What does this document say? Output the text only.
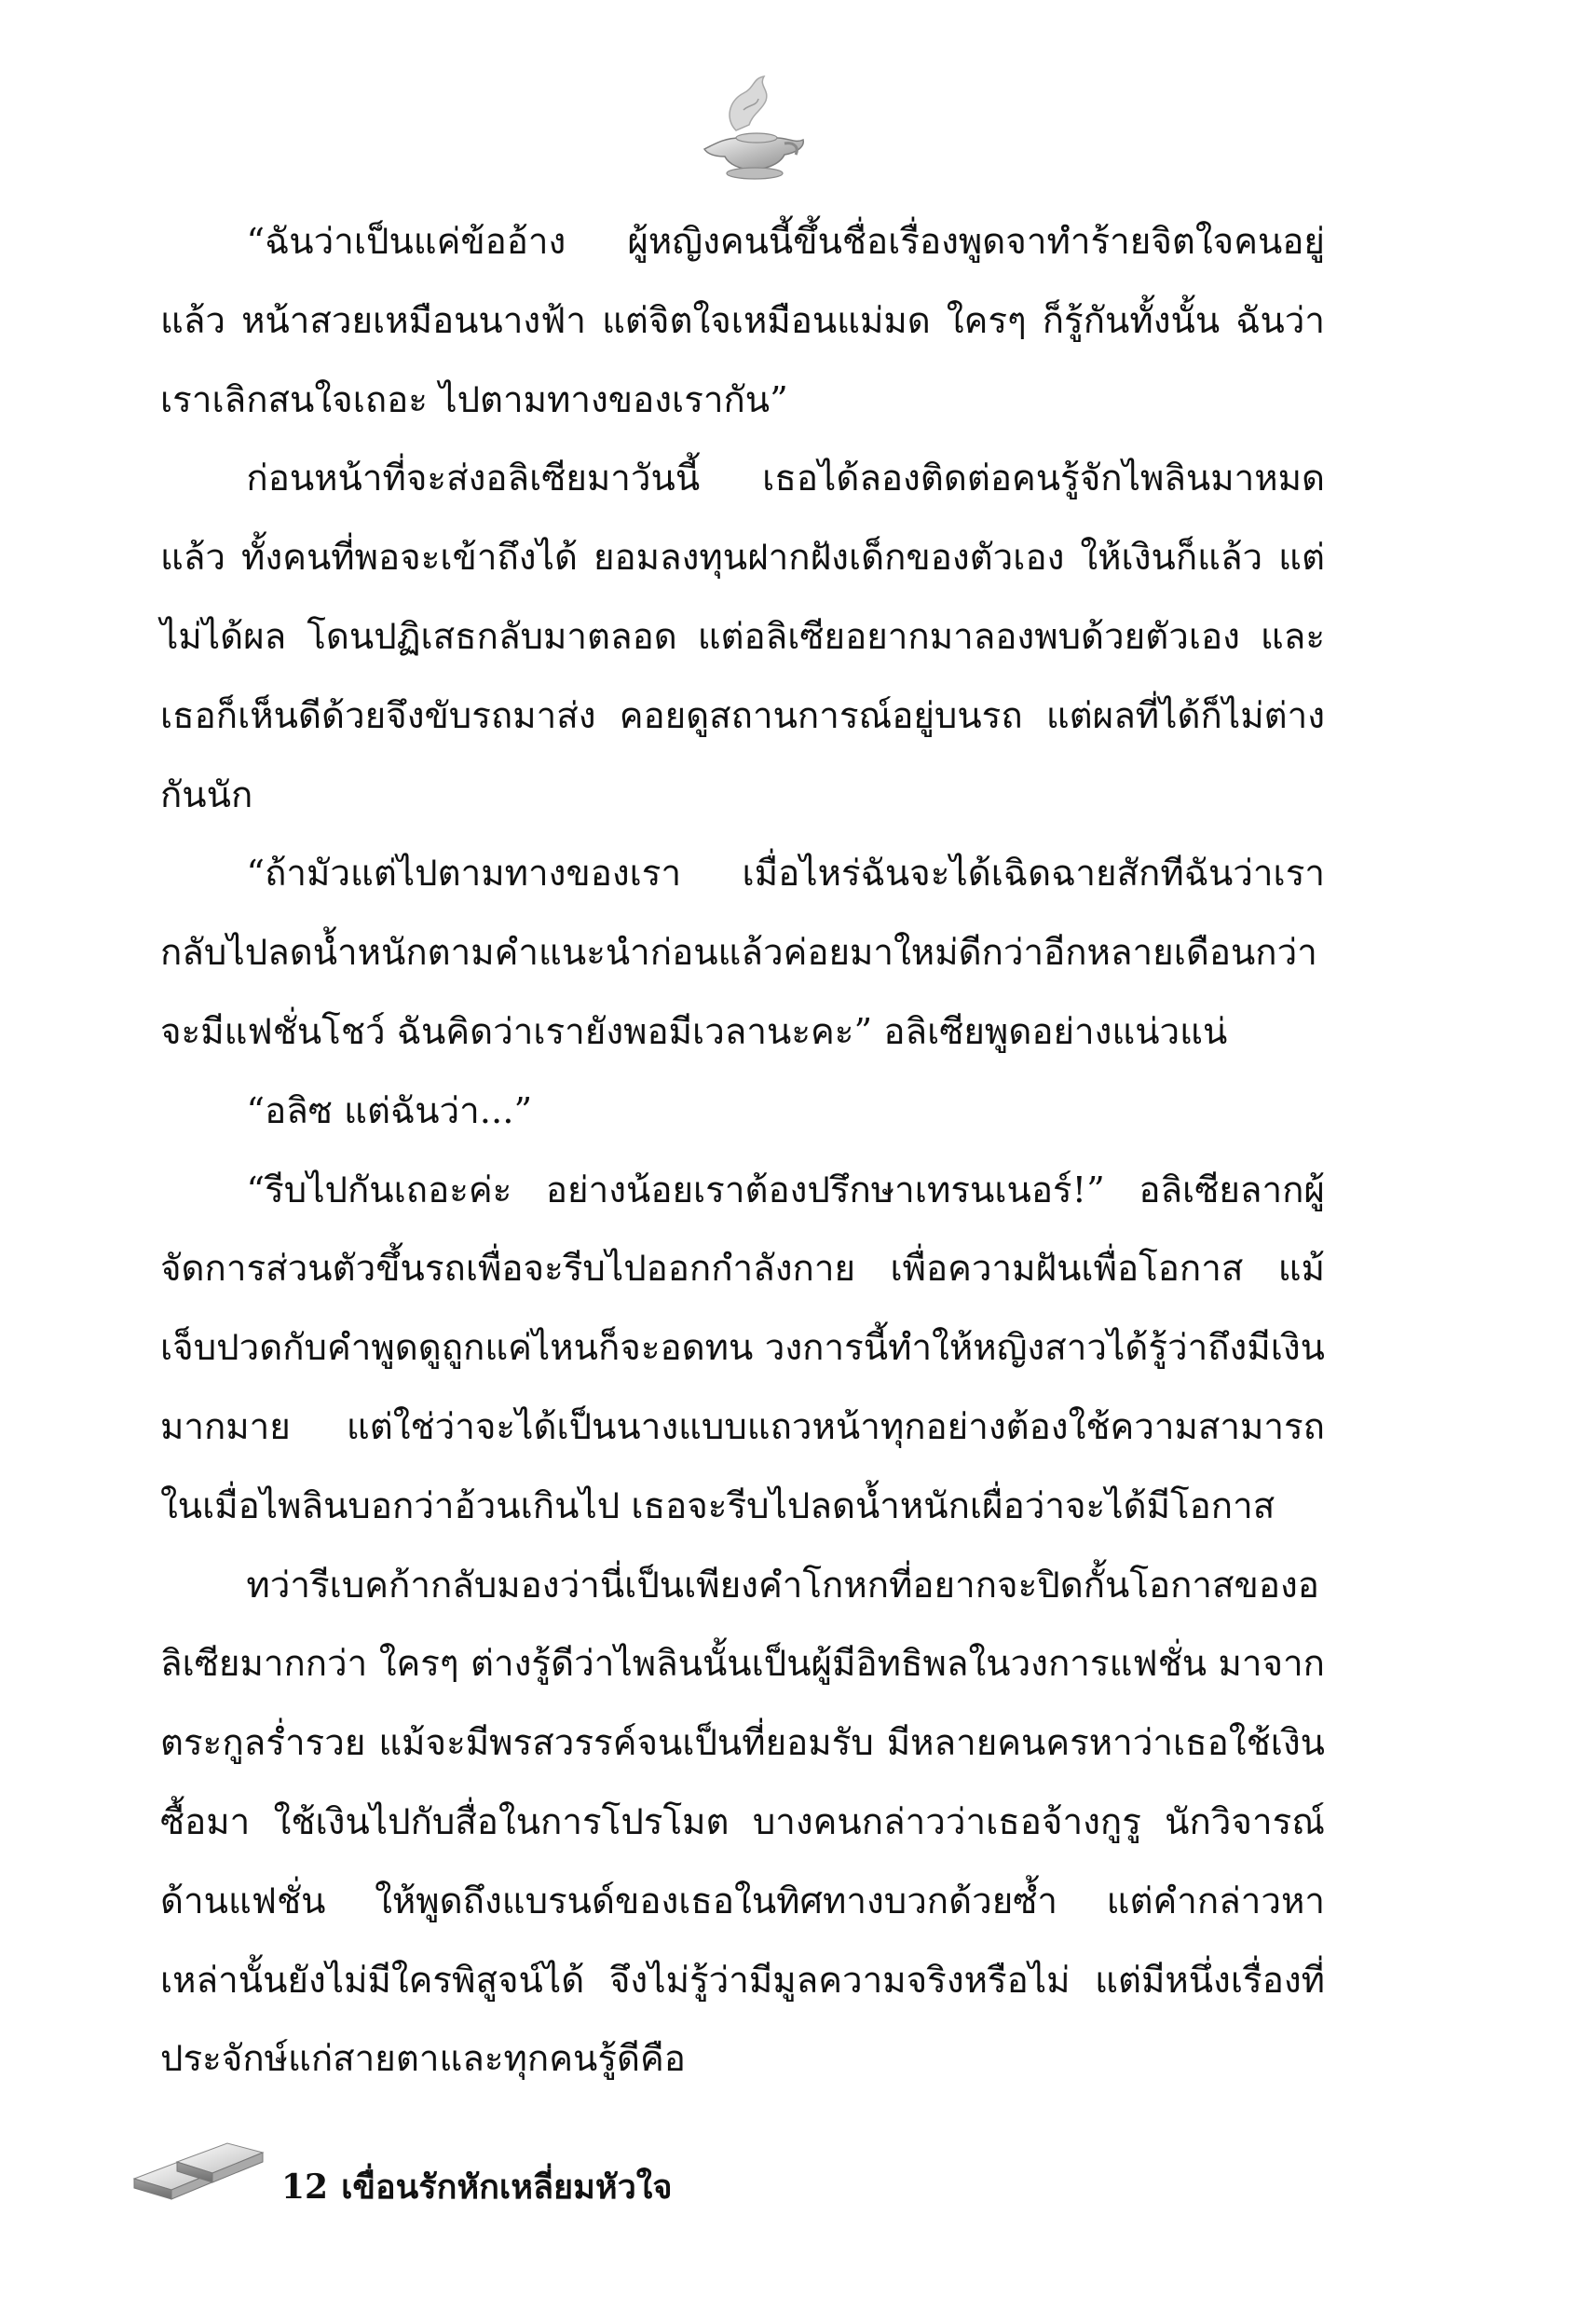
“ฉันว่าเป็นแค่ข้ออ้าง ผู้หญิงคนนี้ขึ้นชื่อเรื่องพูดจาทำร้ายจิตใจคนอยู่แล้ว หน้าสวยเหมือนนางฟ้า แต่จิตใจเหมือนแม่มด ใครๆ ก็รู้กันทั้งนั้น ฉันว่าเราเลิกสนใจเถอะ ไปตามทางของเรากัน”

ก่อนหน้าที่จะส่งอลิเซียมาวันนี้ เธอได้ลองติดต่อคนรู้จักไพลินมาหมดแล้ว ทั้งคนที่พอจะเข้าถึงได้ ยอมลงทุนฝากฝังเด็กของตัวเอง ให้เงินก็แล้ว แต่ไม่ได้ผล โดนปฏิเสธกลับมาตลอด แต่อลิเซียอยากมาลองพบด้วยตัวเอง และเธอก็เห็นดีด้วยจึงขับรถมาส่ง คอยดูสถานการณ์อยู่บนรถ แต่ผลที่ได้ก็ไม่ต่างกันนัก

“ถ้ามัวแต่ไปตามทางของเรา เมื่อไหร่ฉันจะได้เฉิดฉายสักทีฉันว่าเรากลับไปลดน้ำหนักตามคำแนะนำก่อนแล้วค่อยมาใหม่ดีกว่าอีกหลายเดือนกว่าจะมีแฟชั่นโชว์ ฉันคิดว่าเรายังพอมีเวลานะคะ” อลิเซียพูดอย่างแน่วแน่

“อลิซ แต่ฉันว่า...”

“รีบไปกันเถอะค่ะ อย่างน้อยเราต้องปรึกษาเทรนเนอร์!” อลิเซียลากผู้จัดการส่วนตัวขึ้นรถเพื่อจะรีบไปออกกำลังกาย เพื่อความฝันเพื่อโอกาส แม้เจ็บปวดกับคำพูดดูถูกแค่ไหนก็จะอดทน วงการนี้ทำให้หญิงสาวได้รู้ว่าถึงมีเงินมากมาย แต่ใช่ว่าจะได้เป็นนางแบบแถวหน้าทุกอย่างต้องใช้ความสามารถ ในเมื่อไพลินบอกว่าอ้วนเกินไป เธอจะรีบไปลดน้ำหนักเผื่อว่าจะได้มีโอกาส

ทว่ารีเบคก้ากลับมองว่านี่เป็นเพียงคำโกหกที่อยากจะปิดกั้นโอกาสของอลิเซียมากกว่า ใครๆ ต่างรู้ดีว่าไพลินนั้นเป็นผู้มีอิทธิพลในวงการแฟชั่น มาจากตระกูลร่ำรวย แม้จะมีพรสวรรค์จนเป็นที่ยอมรับ มีหลายคนครหาว่าเธอใช้เงินซื้อมา ใช้เงินไปกับสื่อในการโปรโมต บางคนกล่าวว่าเธอจ้างกูรู นักวิจารณ์ด้านแฟชั่น ให้พูดถึงแบรนด์ของเธอในทิศทางบวกด้วยซ้ำ แต่คำกล่าวหาเหล่านั้นยังไม่มีใครพิสูจน์ได้ จึงไม่รู้ว่ามีมูลความจริงหรือไม่ แต่มีหนึ่งเรื่องที่ประจักษ์แก่สายตาและทุกคนรู้ดีคือ

12 เขื่อนรักหักเหลี่ยมหัวใจ
